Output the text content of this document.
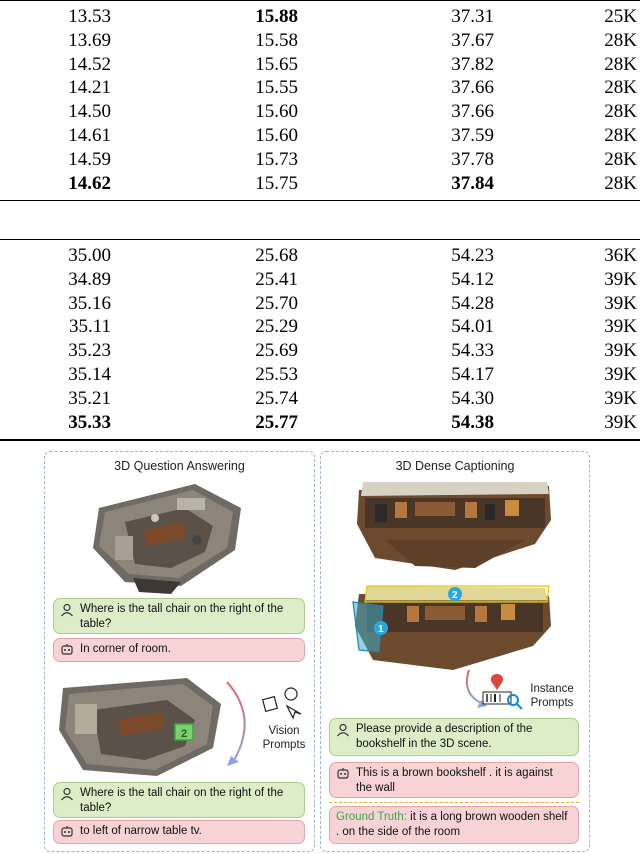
13.53	15.88	37.31	25K
13.69	15.58	37.67	28K
14.52	15.65	37.82	28K
14.21	15.55	37.66	28K
14.50	15.60	37.66	28K
14.61	15.60	37.59	28K
14.59	15.73	37.78	28K
14.62	15.75	37.84	28K
35.00	25.68	54.23	36K
34.89	25.41	54.12	39K
35.16	25.70	54.28	39K
35.11	25.29	54.01	39K
35.23	25.69	54.33	39K
35.14	25.53	54.17	39K
35.21	25.74	54.30	39K
35.33	25.77	54.38	39K
3D Question Answering
Where is the tall chair on the right of the table?
In corner of room.
2	Vision
Prompts
Where is the tall chair on the right of the table?
to left of narrow table tv.
3D Dense Captioning
1
2
Instance
Prompts
Please provide a description of the bookshelf in the 3D scene.
This is a brown bookshelf . it is against the wall
Ground Truth: it is a long brown wooden shelf . on the side of the room
